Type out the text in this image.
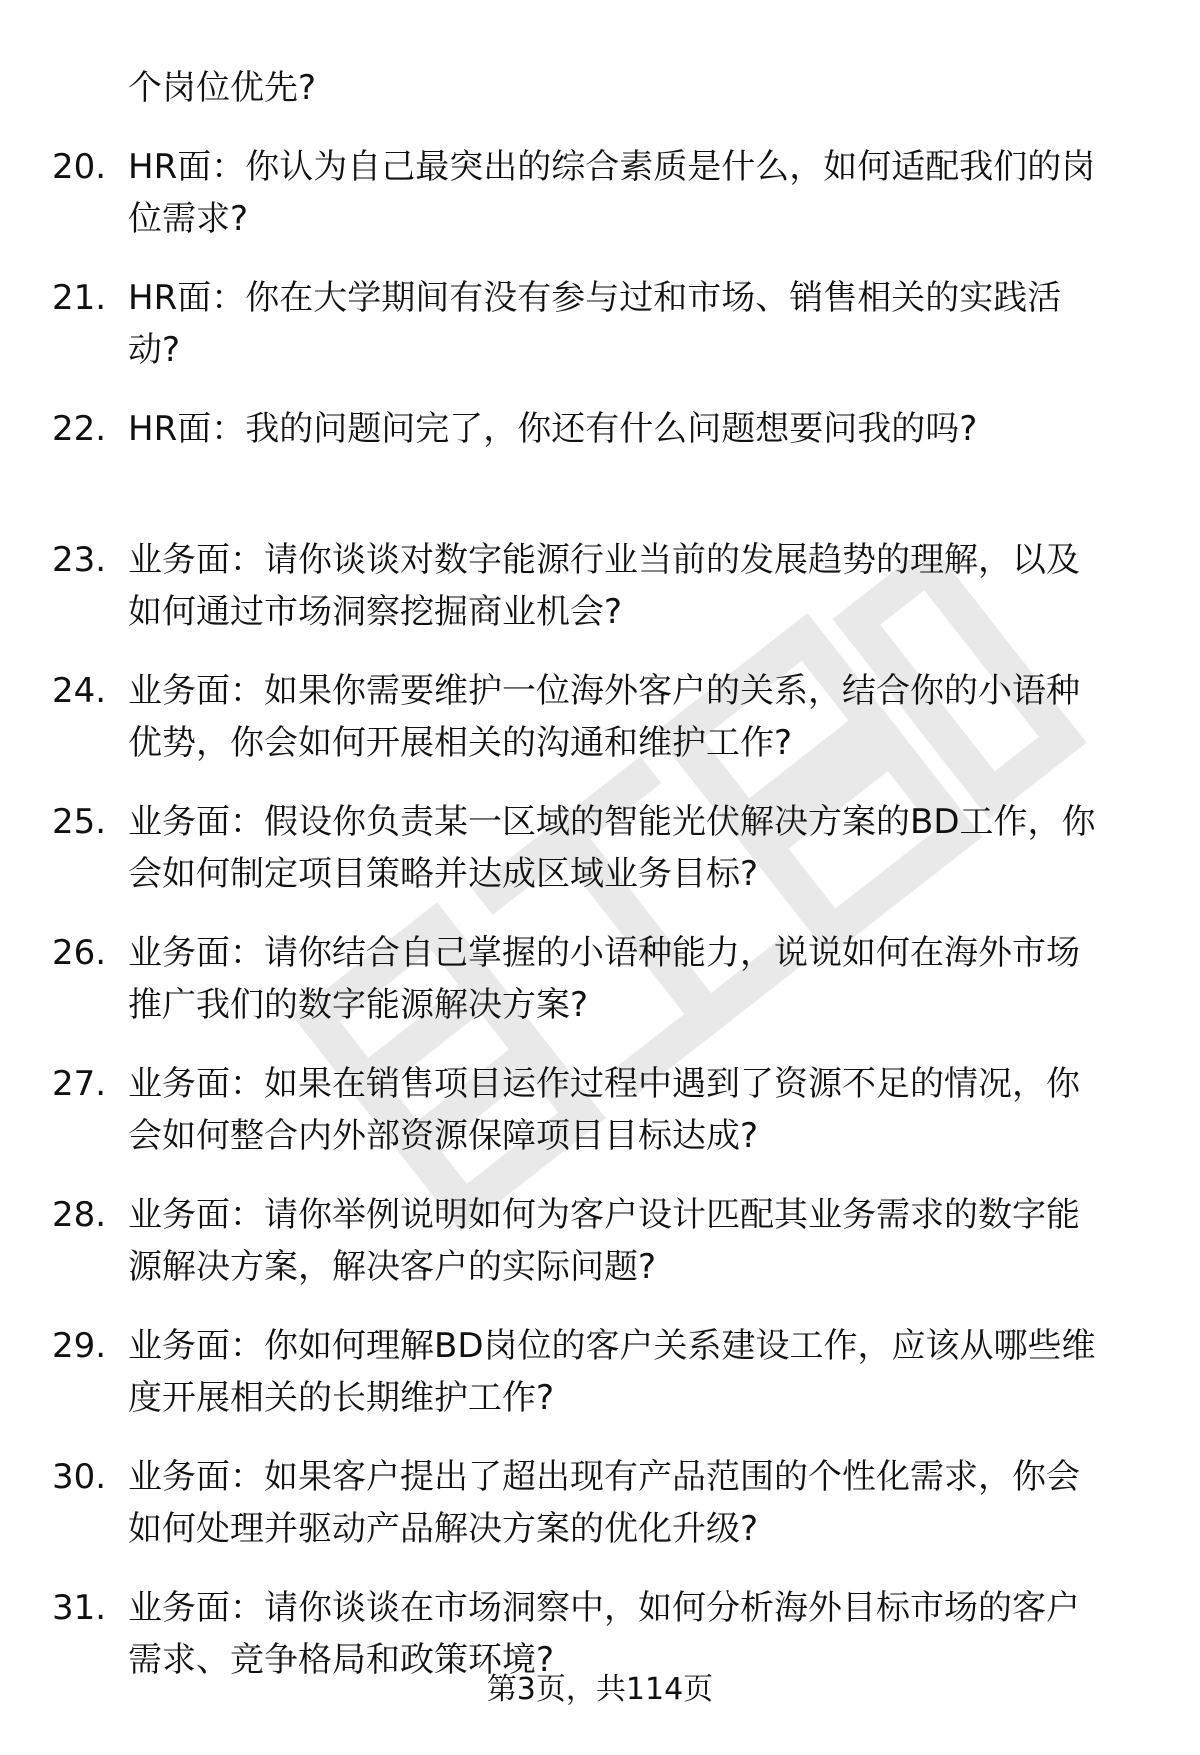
个岗位优先?

20. HR面：你认为自己最突出的综合素质是什么，如何适配我们的岗
位需求?
21. HR面：你在大学期间有没有参与过和市场、销售相关的实践活
动?
22. HR面：我的问题问完了，你还有什么问题想要问我的吗?
23. 业务面：请你谈谈对数字能源行业当前的发展趋势的理解，以及
如何通过市场洞察挖掘商业机会?
24. 业务面：如果你需要维护一位海外客户的关系，结合你的小语种
优势，你会如何开展相关的沟通和维护工作?
25. 业务面：假设你负责某一区域的智能光伏解决方案的BD工作，你
会如何制定项目策略并达成区域业务目标?
26. 业务面：请你结合自己掌握的小语种能力，说说如何在海外市场
推广我们的数字能源解决方案?
27. 业务面：如果在销售项目运作过程中遇到了资源不足的情况，你
会如何整合内外部资源保障项目目标达成?
28. 业务面：请你举例说明如何为客户设计匹配其业务需求的数字能
源解决方案，解决客户的实际问题?
29. 业务面：你如何理解BD岗位的客户关系建设工作，应该从哪些维
度开展相关的长期维护工作?
30. 业务面：如果客户提出了超出现有产品范围的个性化需求，你会
如何处理并驱动产品解决方案的优化升级?
31. 业务面：请你谈谈在市场洞察中，如何分析海外目标市场的客户
需求、竞争格局和政策环境?
第3页，共114页
